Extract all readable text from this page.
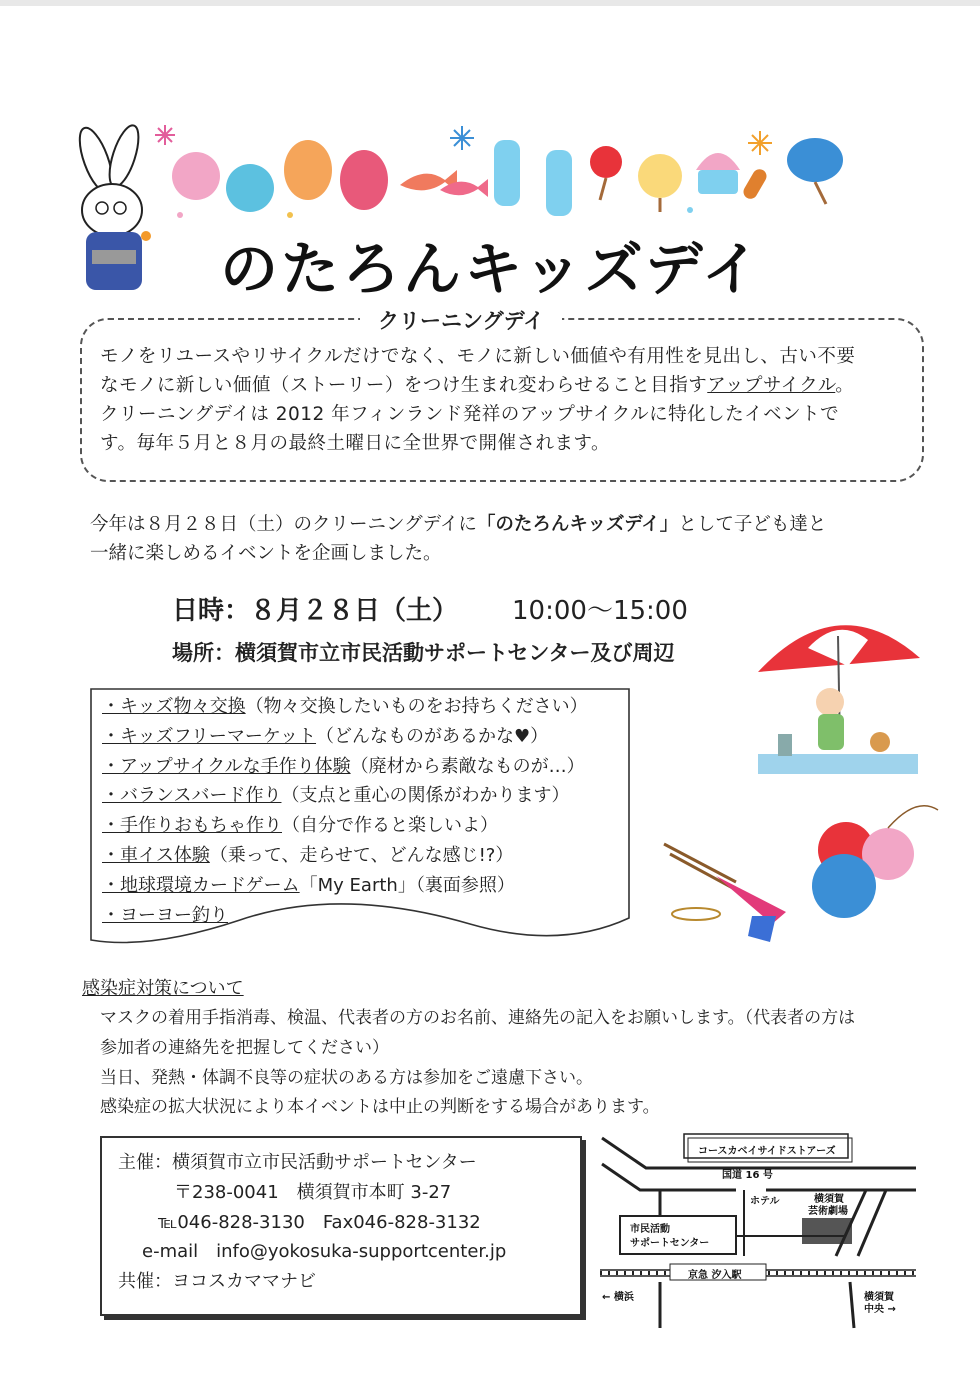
のたろんキッズデイ
クリーニングデイ
モノをリユースやリサイクルだけでなく、モノに新しい価値や有用性を見出し、古い不要
なモノに新しい価値（ストーリー）をつけ生まれ変わらせること目指すアップサイクル。
クリーニングデイは 2012 年フィンランド発祥のアップサイクルに特化したイベントで
す。毎年５月と８月の最終土曜日に全世界で開催されます。
今年は８月２８日（土）のクリーニングデイに「のたろんキッズデイ」として子ども達と
一緒に楽しめるイベントを企画しました。
日時：８月２８日（土） 10:00～15:00
場所：横須賀市立市民活動サポートセンター及び周辺
・キッズ物々交換（物々交換したいものをお持ちください）
・キッズフリーマーケット（どんなものがあるかな♥）
・アップサイクルな手作り体験（廃材から素敵なものが…）
・バランスバード作り（支点と重心の関係がわかります）
・手作りおもちゃ作り（自分で作ると楽しいよ）
・車イス体験（乗って、走らせて、どんな感じ!?）
・地球環境カードゲーム「My Earth」（裏面参照）
・ヨーヨー釣り
感染症対策について
マスクの着用手指消毒、検温、代表者の方のお名前、連絡先の記入をお願いします。（代表者の方は
参加者の連絡先を把握してください）
当日、発熱・体調不良等の症状のある方は参加をご遠慮下さい。
感染症の拡大状況により本イベントは中止の判断をする場合があります。
主催：横須賀市立市民活動サポートセンター
〒238-0041　横須賀市本町 3-27
℡046-828-3130　Fax046-828-3132
e-mail　info@yokosuka-supportcenter.jp
共催：ヨコスカママナビ
コースカベイサイドストアーズ
国道 16 号
ホテル	横須賀
芸術劇場
市民活動
サポートセンター
京急 汐入駅
← 横浜	横須賀
中央 →
